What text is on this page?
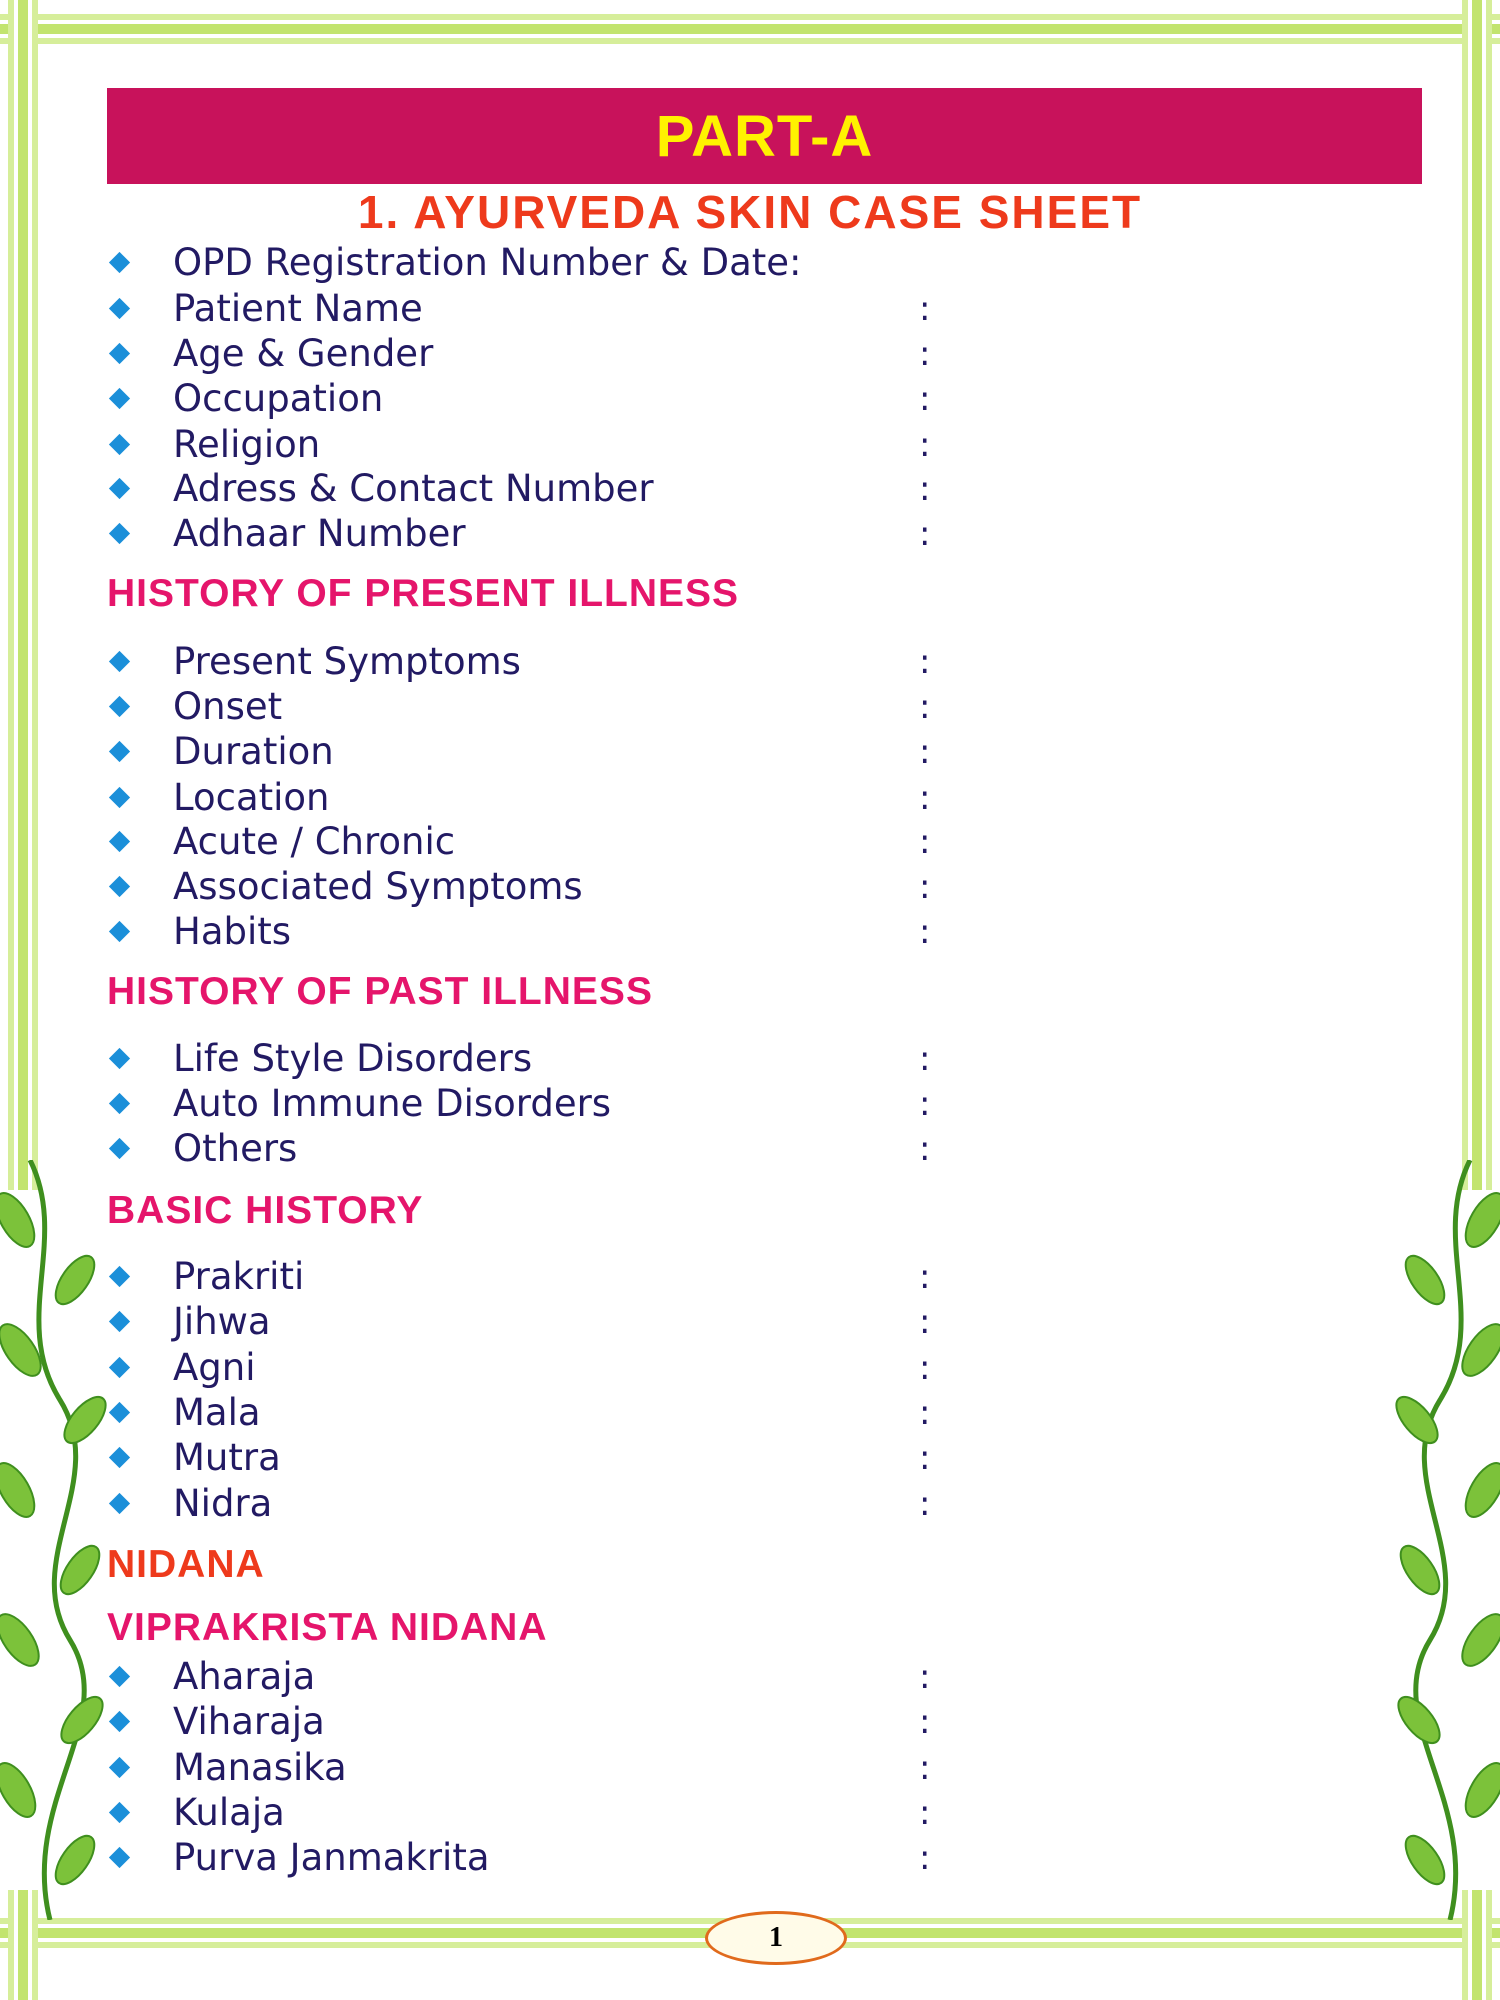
PART-A
1. AYURVEDA SKIN CASE SHEET
OPD Registration Number & Date:
Patient Name	:
Age & Gender	:
Occupation	:
Religion	:
Adress & Contact Number	:
Adhaar Number	:
HISTORY OF PRESENT ILLNESS
Present Symptoms	:
Onset	:
Duration	:
Location	:
Acute / Chronic	:
Associated Symptoms	:
Habits	:
HISTORY OF PAST ILLNESS
Life Style Disorders	:
Auto Immune Disorders	:
Others	:
BASIC HISTORY
Prakriti	:
Jihwa	:
Agni	:
Mala	:
Mutra	:
Nidra	:
NIDANA
VIPRAKRISTA NIDANA
Aharaja	:
Viharaja	:
Manasika	:
Kulaja	:
Purva Janmakrita	:
1
